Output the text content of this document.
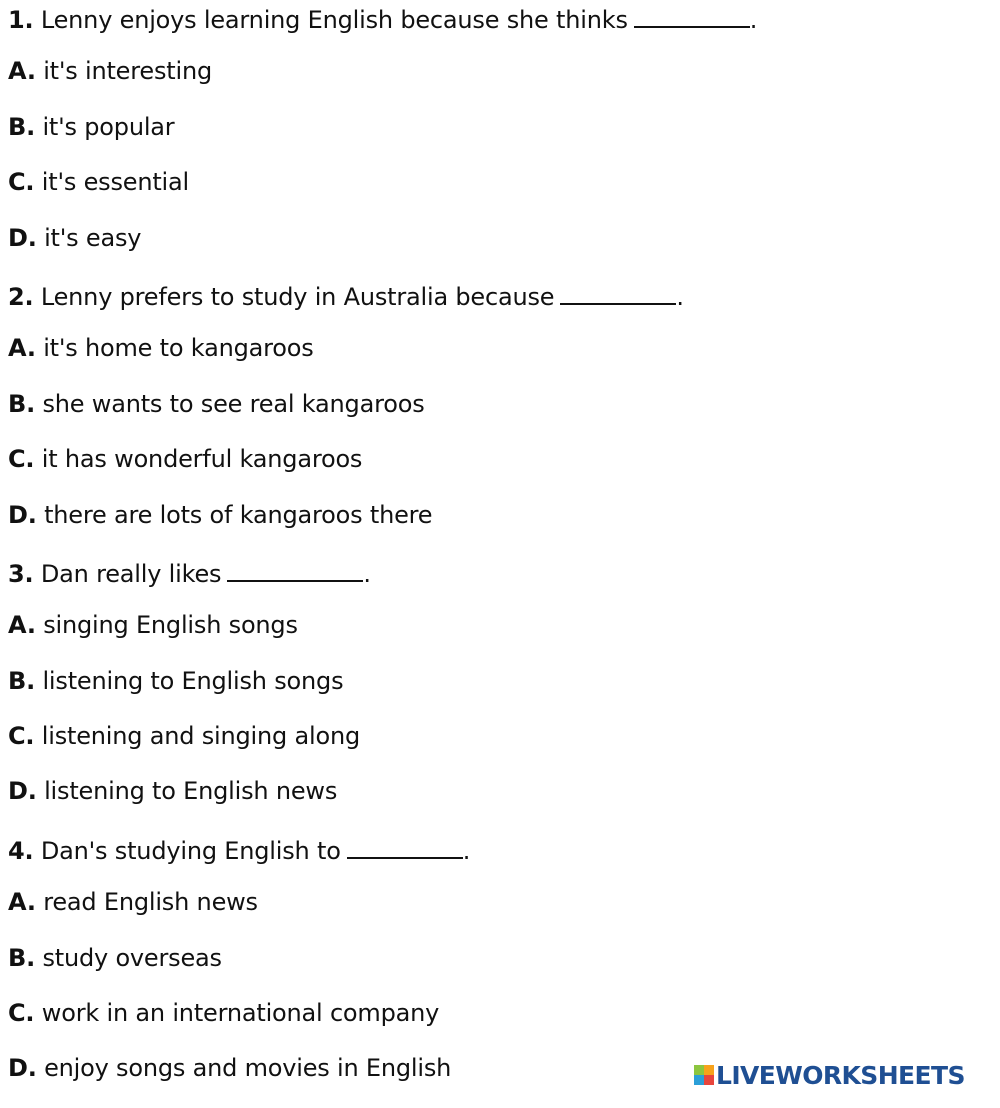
1. Lenny enjoys learning English because she thinks	.
A. it's interesting
B. it's popular
C. it's essential
D. it's easy
2. Lenny prefers to study in Australia because	.
A. it's home to kangaroos
B. she wants to see real kangaroos
C. it has wonderful kangaroos
D. there are lots of kangaroos there
3. Dan really likes	.
A. singing English songs
B. listening to English songs
C. listening and singing along
D. listening to English news
4. Dan's studying English to	.
A. read English news
B. study overseas
C. work in an international company
D. enjoy songs and movies in English	LIVEWORKSHEETS
